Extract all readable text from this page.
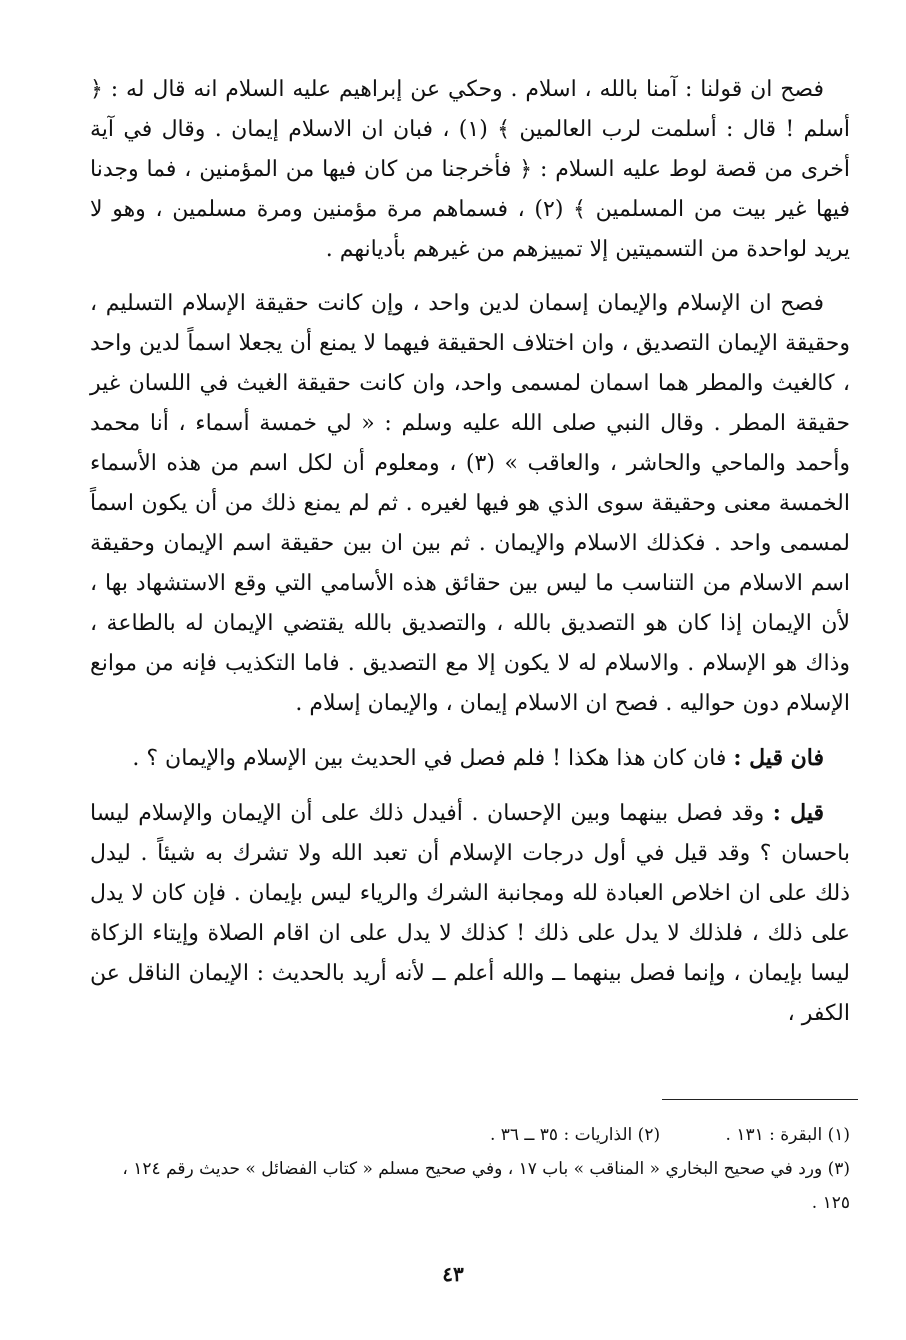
فصح ان قولنا : آمنا بالله ، اسلام . وحكي عن إبراهيم عليه السلام انه قال له : ﴿ أسلم ! قال : أسلمت لرب العالمين ﴾ (١) ، فبان ان الاسلام إيمان . وقال في آية أخرى من قصة لوط عليه السلام : ﴿ فأخرجنا من كان فيها من المؤمنين ، فما وجدنا فيها غير بيت من المسلمين ﴾ (٢) ، فسماهم مرة مؤمنين ومرة مسلمين ، وهو لا يريد لواحدة من التسميتين إلا تمييزهم من غيرهم بأديانهم .

فصح ان الإسلام والإيمان إسمان لدين واحد ، وإن كانت حقيقة الإسلام التسليم ، وحقيقة الإيمان التصديق ، وان اختلاف الحقيقة فيهما لا يمنع أن يجعلا اسماً لدين واحد ، كالغيث والمطر هما اسمان لمسمى واحد، وان كانت حقيقة الغيث في اللسان غير حقيقة المطر . وقال النبي صلى الله عليه وسلم : « لي خمسة أسماء ، أنا محمد وأحمد والماحي والحاشر ، والعاقب » (٣) ، ومعلوم أن لكل اسم من هذه الأسماء الخمسة معنى وحقيقة سوى الذي هو فيها لغيره . ثم لم يمنع ذلك من أن يكون اسماً لمسمى واحد . فكذلك الاسلام والإيمان . ثم بين ان بين حقيقة اسم الإيمان وحقيقة اسم الاسلام من التناسب ما ليس بين حقائق هذه الأسامي التي وقع الاستشهاد بها ، لأن الإيمان إذا كان هو التصديق بالله ، والتصديق بالله يقتضي الإيمان له بالطاعة ، وذاك هو الإسلام . والاسلام له لا يكون إلا مع التصديق . فاما التكذيب فإنه من موانع الإسلام دون حواليه . فصح ان الاسلام إيمان ، والإيمان إسلام .

فان قيل : فان كان هذا هكذا ! فلم فصل في الحديث بين الإسلام والإيمان ؟ .

قيل : وقد فصل بينهما وبين الإحسان . أفيدل ذلك على أن الإيمان والإسلام ليسا باحسان ؟ وقد قيل في أول درجات الإسلام أن تعبد الله ولا تشرك به شيئاً . ليدل ذلك على ان اخلاص العبادة لله ومجانبة الشرك والرياء ليس بإيمان . فإن كان لا يدل على ذلك ، فلذلك لا يدل على ذلك ! كذلك لا يدل على ان اقام الصلاة وإيتاء الزكاة ليسا بإيمان ، وإنما فصل بينهما ــ والله أعلم ــ لأنه أريد بالحديث : الإيمان الناقل عن الكفر ،

(١) البقرة : ١٣١ . (٢) الذاريات : ٣٥ ــ ٣٦ .
(٣) ورد في صحيح البخاري « المناقب » باب ١٧ ، وفي صحيح مسلم « كتاب الفضائل » حديث رقم ١٢٤ ، ١٢٥ .
٤٣
